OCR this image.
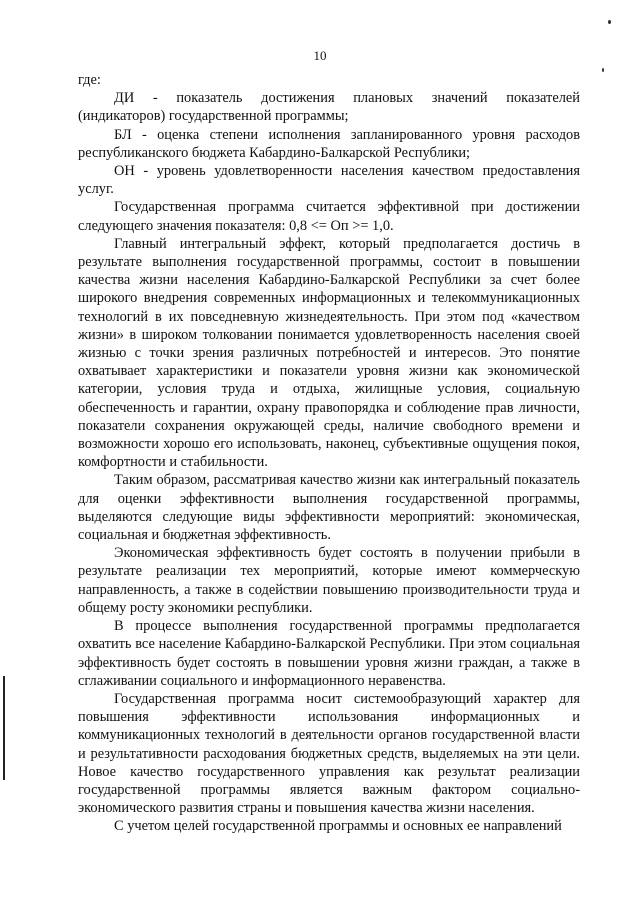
10

где:

ДИ - показатель достижения плановых значений показателей (индикаторов) государственной программы;

БЛ - оценка степени исполнения запланированного уровня расходов республиканского бюджета Кабардино-Балкарской Республики;

ОН - уровень удовлетворенности населения качеством предоставления услуг.

Государственная программа считается эффективной при достижении следующего значения показателя: 0,8 <= Оп >= 1,0.

Главный интегральный эффект, который предполагается достичь в результате выполнения государственной программы, состоит в повышении качества жизни населения Кабардино-Балкарской Республики за счет более широкого внедрения современных информационных и телекоммуникационных технологий в их повседневную жизнедеятельность. При этом под «качеством жизни» в широком толковании понимается удовлетворенность населения своей жизнью с точки зрения различных потребностей и интересов. Это понятие охватывает характеристики и показатели уровня жизни как экономической категории, условия труда и отдыха, жилищные условия, социальную обеспеченность и гарантии, охрану правопорядка и соблюдение прав личности, показатели сохранения окружающей среды, наличие свободного времени и возможности хорошо его использовать, наконец, субъективные ощущения покоя, комфортности и стабильности.

Таким образом, рассматривая качество жизни как интегральный показатель для оценки эффективности выполнения государственной программы, выделяются следующие виды эффективности мероприятий: экономическая, социальная и бюджетная эффективность.

Экономическая эффективность будет состоять в получении прибыли в результате реализации тех мероприятий, которые имеют коммерческую направленность, а также в содействии повышению производительности труда и общему росту экономики республики.

В процессе выполнения государственной программы предполагается охватить все население Кабардино-Балкарской Республики. При этом социальная эффективность будет состоять в повышении уровня жизни граждан, а также в сглаживании социального и информационного неравенства.

Государственная программа носит системообразующий характер для повышения эффективности использования информационных и коммуникационных технологий в деятельности органов государственной власти и результативности расходования бюджетных средств, выделяемых на эти цели. Новое качество государственного управления как результат реализации государственной программы является важным фактором социально-экономического развития страны и повышения качества жизни населения.

С учетом целей государственной программы и основных ее направлений
